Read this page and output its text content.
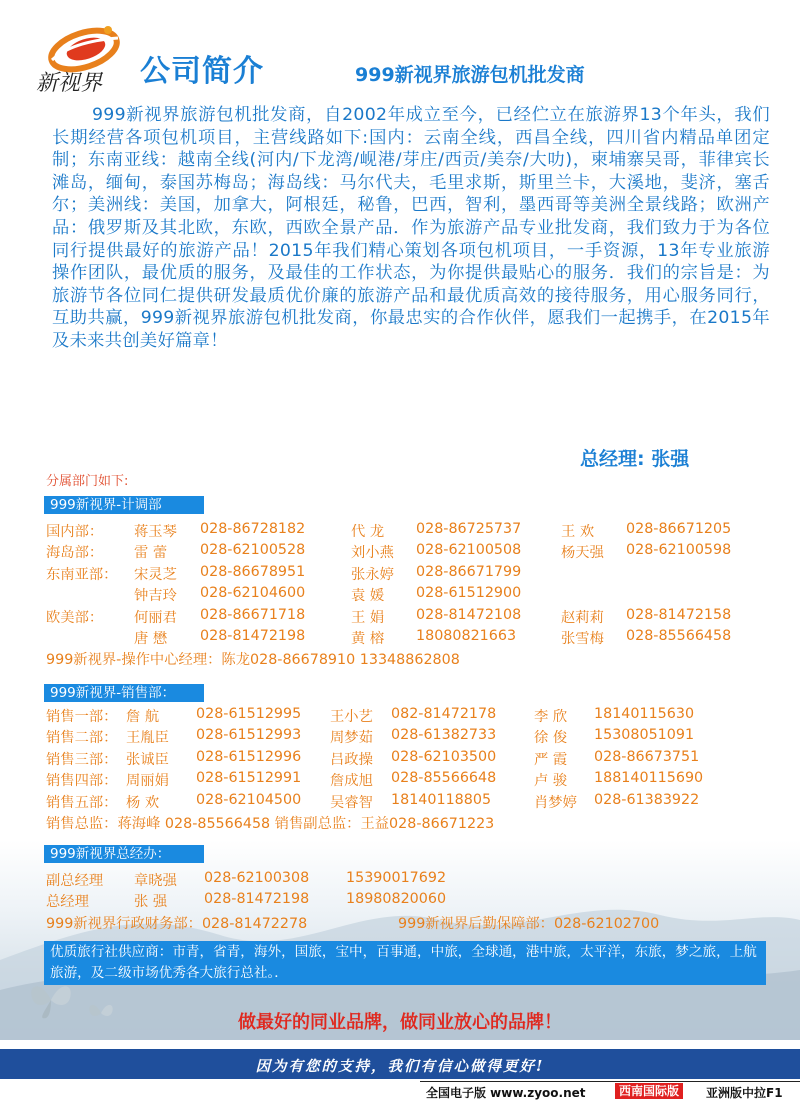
新视界 公司简介	999新视界旅游包机批发商
999新视界旅游包机批发商，自2002年成立至今，已经伫立在旅游界13个年头，我们长期经营各项包机项目，主营线路如下:国内：云南全线，西昌全线，四川省内精品单团定制；东南亚线：越南全线(河内/下龙湾/岘港/芽庄/西贡/美奈/大叻)，柬埔寨吴哥，菲律宾长滩岛，缅甸，泰国苏梅岛；海岛线：马尔代夫，毛里求斯，斯里兰卡，大溪地，斐济，塞舌尔；美洲线：美国，加拿大，阿根廷，秘鲁，巴西，智利，墨西哥等美洲全景线路；欧洲产品：俄罗斯及其北欧，东欧，西欧全景产品．作为旅游产品专业批发商，我们致力于为各位同行提供最好的旅游产品！2015年我们精心策划各项包机项目，一手资源，13年专业旅游操作团队，最优质的服务，及最佳的工作状态，为你提供最贴心的服务．我们的宗旨是：为旅游节各位同仁提供研发最质优价廉的旅游产品和最优质高效的接待服务，用心服务同行，互助共赢，999新视界旅游包机批发商，你最忠实的合作伙伴，愿我们一起携手，在2015年及未来共创美好篇章！
总经理: 张强
分属部门如下:
999新视界-计调部
国内部： 蒋玉琴 028-86728182	代 龙 028-86725737	王 欢 028-86671205
海岛部： 雷 蕾 028-62100528	刘小燕 028-62100508	杨天强 028-62100598
东南亚部： 宋灵芝 028-86678951	张永婷 028-86671799
钟吉玲 028-62104600	袁 媛 028-61512900
欧美部： 何丽君 028-86671718	王 娟 028-81472108	赵莉莉 028-81472158
唐 懋 028-81472198	黄 榕 18080821663	张雪梅 028-85566458
999新视界-操作中心经理：陈龙028-86678910 13348862808
999新视界-销售部：
销售一部： 詹 航	028-61512995 王小艺 082-81472178	李 欣 18140115630
销售二部： 王胤臣 028-61512993 周梦茹 028-61382733	徐 俊 15308051091
销售三部： 张诚臣 028-61512996 吕政操 028-62103500	严 霞 028-86673751
销售四部： 周丽娟 028-61512991 詹成旭 028-85566648	卢 骏 188140115690
销售五部： 杨 欢	028-62104500 吴睿智 18140118805	肖梦婷 028-61383922
销售总监：蒋海峰 028-85566458 销售副总监：王益028-86671223
999新视界总经办：
副总经理 章晓强 028-62100308	15390017692
总经理	张 强	028-81472198	18980820060
999新视界行政财务部：028-81472278	999新视界后勤保障部：028-62102700
优质旅行社供应商：市青，省青，海外，国旅，宝中，百事通，中旅，全球通，港中旅，太平洋，东旅，梦之旅，上航旅游，及二级市场优秀各大旅行总社。．
做最好的同业品牌，做同业放心的品牌！
因为有您的支持，我们有信心做得更好!
全国电子版 www.zyoo.net	西南国际版	亚洲版中拉F1
